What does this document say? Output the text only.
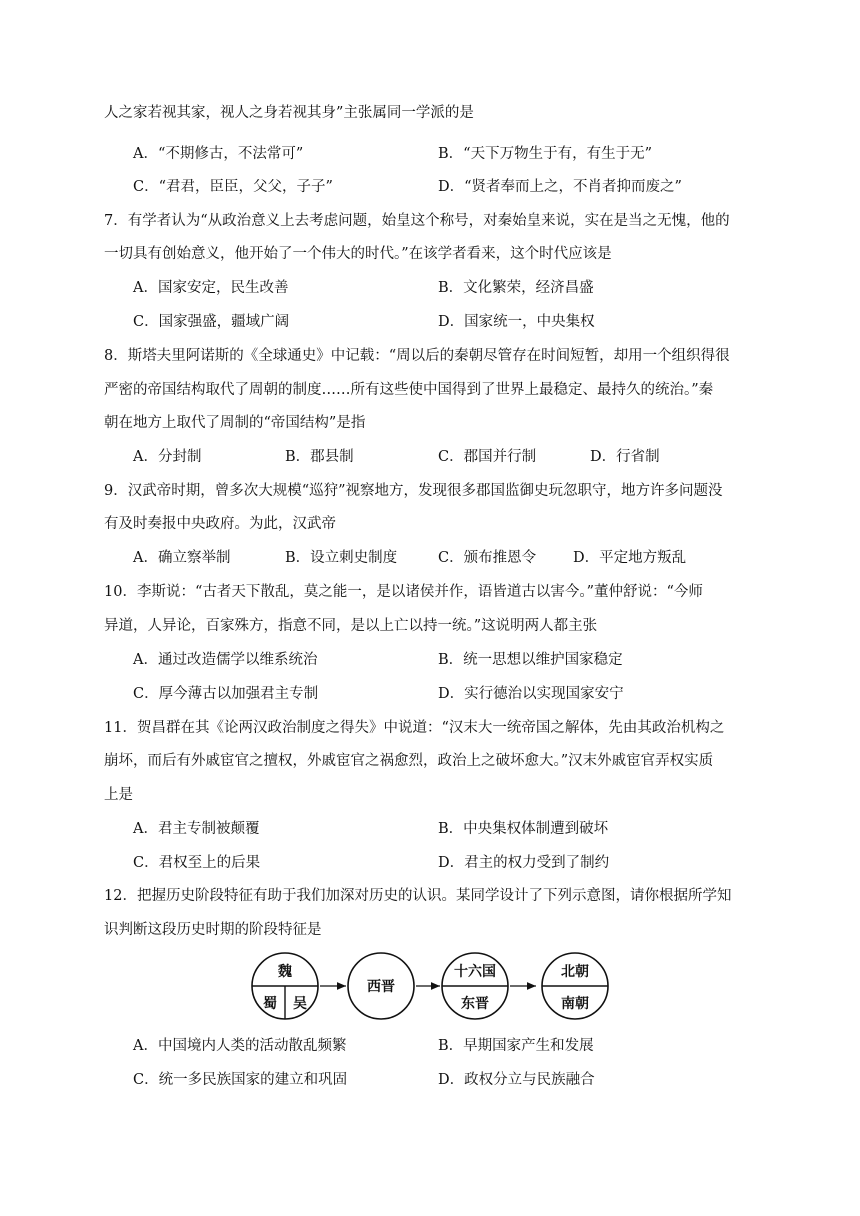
人之家若视其家，视人之身若视其身”主张属同一学派的是
A．“不期修古，不法常可”	B．“天下万物生于有，有生于无”
C．“君君，臣臣，父父，子子”	D．“贤者奉而上之，不肖者抑而废之”
7．有学者认为“从政治意义上去考虑问题，始皇这个称号，对秦始皇来说，实在是当之无愧，他的
一切具有创始意义，他开始了一个伟大的时代。”在该学者看来，这个时代应该是
A．国家安定，民生改善	B．文化繁荣，经济昌盛
C．国家强盛，疆域广阔	D．国家统一，中央集权
8．斯塔夫里阿诺斯的《全球通史》中记载：“周以后的秦朝尽管存在时间短暂，却用一个组织得很
严密的帝国结构取代了周朝的制度……所有这些使中国得到了世界上最稳定、最持久的统治。”秦
朝在地方上取代了周制的“帝国结构”是指
A．分封制	B．郡县制	C．郡国并行制	D．行省制
9．汉武帝时期，曾多次大规模“巡狩”视察地方，发现很多郡国监御史玩忽职守，地方许多问题没
有及时奏报中央政府。为此，汉武帝
A．确立察举制	B．设立刺史制度	C．颁布推恩令	D．平定地方叛乱
10．李斯说：“古者天下散乱，莫之能一，是以诸侯并作，语皆道古以害今。”董仲舒说：“今师
异道，人异论，百家殊方，指意不同，是以上亡以持一统。”这说明两人都主张
A．通过改造儒学以维系统治	B．统一思想以维护国家稳定
C．厚今薄古以加强君主专制	D．实行德治以实现国家安宁
11．贺昌群在其《论两汉政治制度之得失》中说道：“汉末大一统帝国之解体，先由其政治机构之
崩坏，而后有外戚宦官之擅权，外戚宦官之祸愈烈，政治上之破坏愈大。”汉末外戚宦官弄权实质
上是
A．君主专制被颠覆	B．中央集权体制遭到破坏
C．君权至上的后果	D．君主的权力受到了制约
12．把握历史阶段特征有助于我们加深对历史的认识。某同学设计了下列示意图，请你根据所学知
识判断这段历史时期的阶段特征是
魏
蜀 吴
西晋
十六国
东晋
北朝
南朝
A．中国境内人类的活动散乱频繁	B．早期国家产生和发展
C．统一多民族国家的建立和巩固	D．政权分立与民族融合
